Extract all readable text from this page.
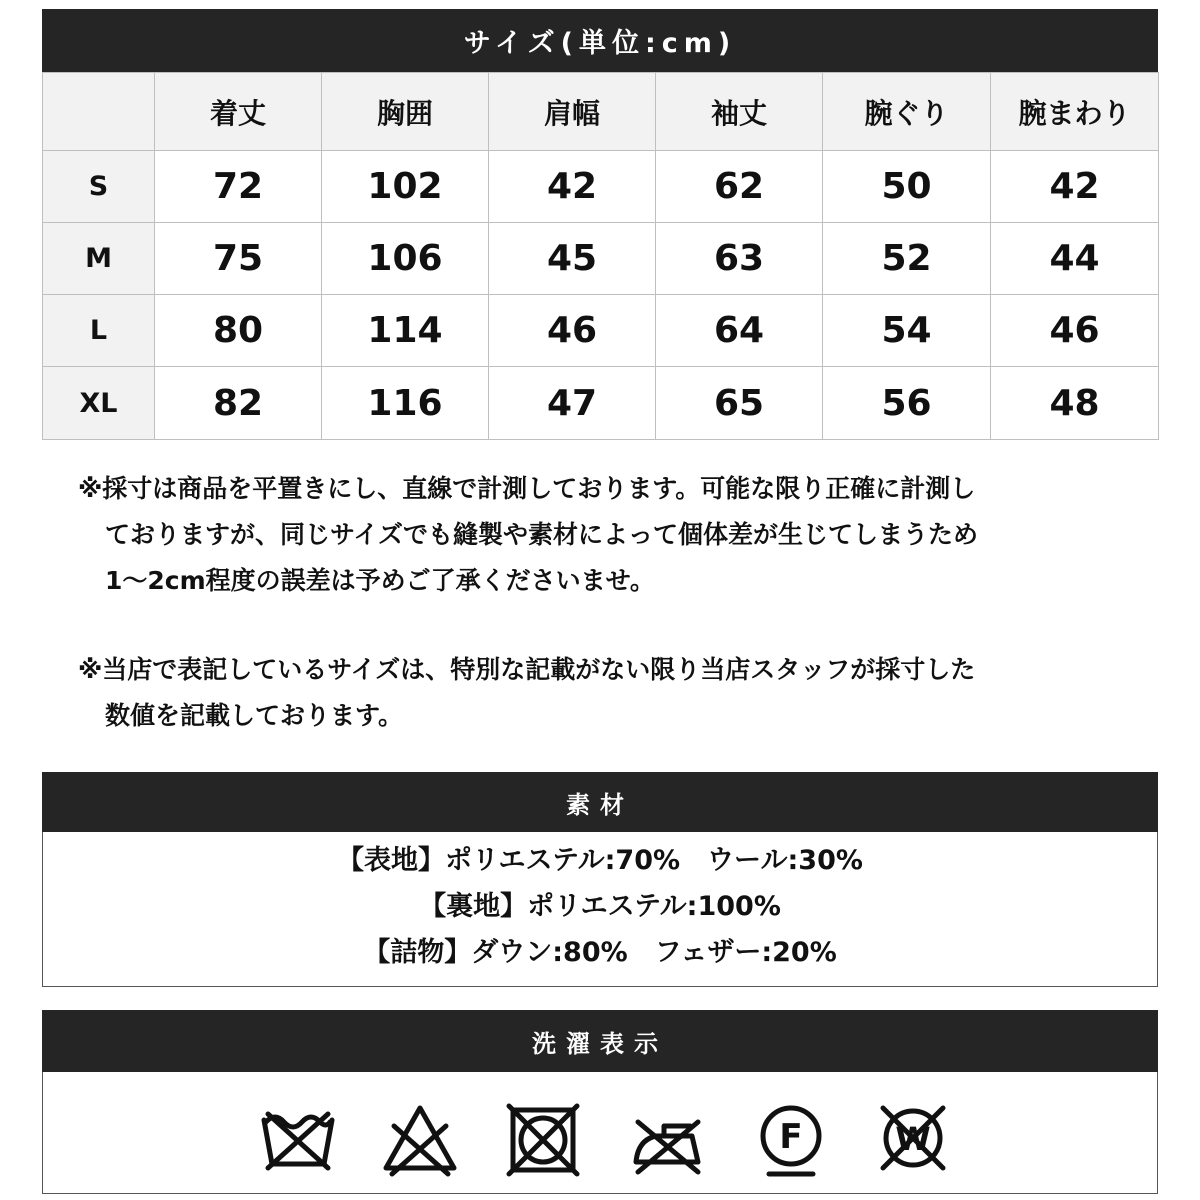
サイズ(単位:cm)
	着丈	胸囲	肩幅	袖丈	腕ぐり	腕まわり
S	72	102	42	62	50	42
M	75	106	45	63	52	44
L	80	114	46	64	54	46
XL	82	116	47	65	56	48
※採寸は商品を平置きにし、直線で計測しております。可能な限り正確に計測し
ておりますが、同じサイズでも縫製や素材によって個体差が生じてしまうため
1〜2cm程度の誤差は予めご了承くださいませ。
※当店で表記しているサイズは、特別な記載がない限り当店スタッフが採寸した
数値を記載しております。
素材
【表地】ポリエステル:70%　ウール:30%
【裏地】ポリエステル:100%
【詰物】ダウン:80%　フェザー:20%
洗濯表示
F	W
